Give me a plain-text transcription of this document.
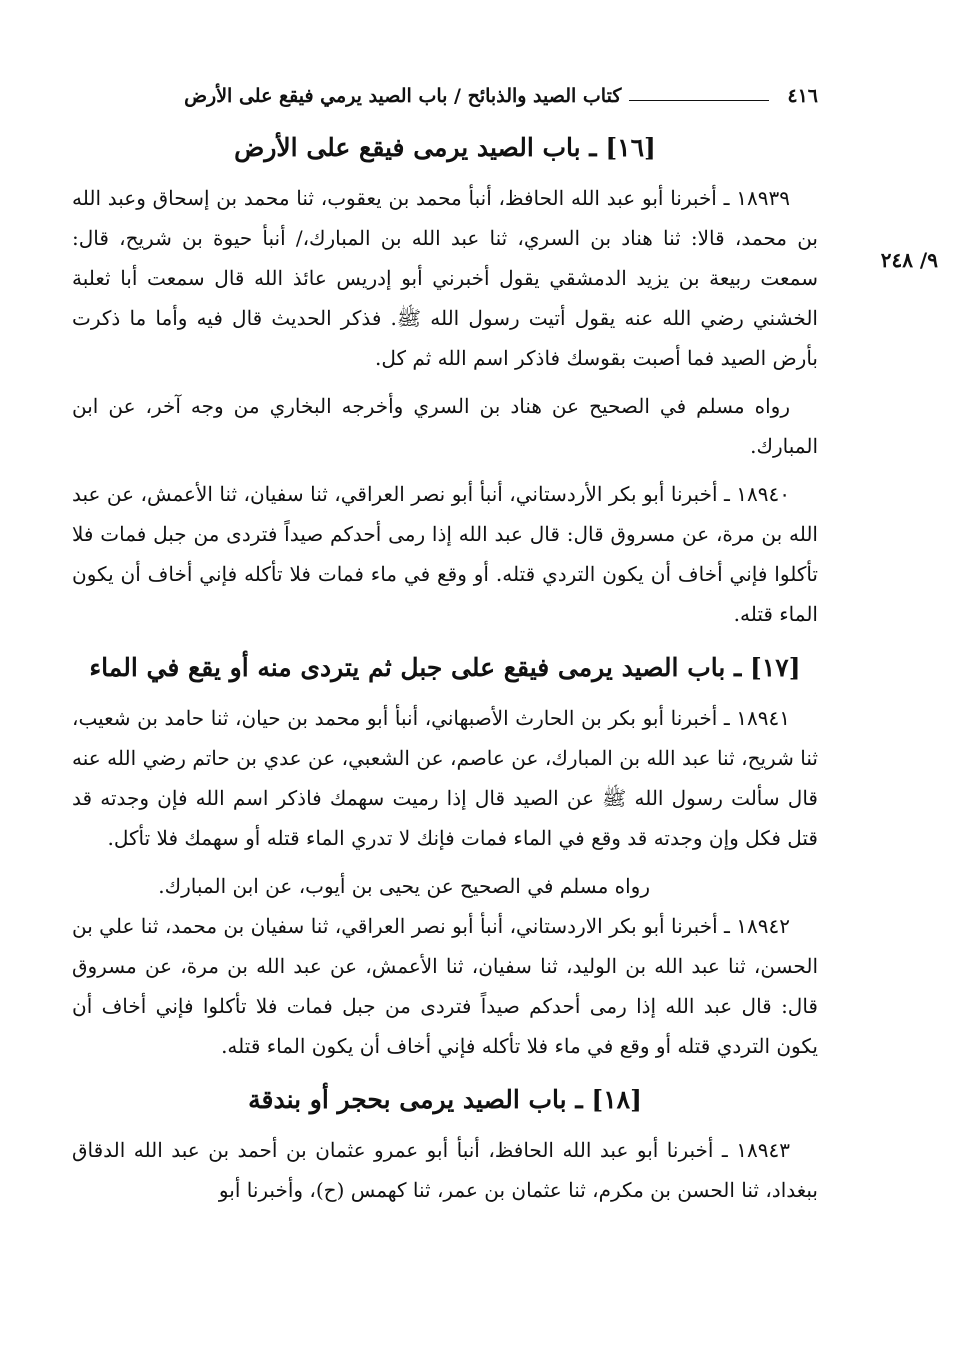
٩/ ٢٤٨
٤١٦
كتاب الصيد والذبائح / باب الصيد يرمي فيقع على الأرض
[١٦] ـ باب الصيد يرمى فيقع على الأرض

١٨٩٣٩ ـ أخبرنا أبو عبد الله الحافظ، أنبأ محمد بن يعقوب، ثنا محمد بن إسحاق وعبد الله بن محمد، قالا: ثنا هناد بن السري، ثنا عبد الله بن المبارك،/ أنبأ حيوة بن شريح، قال: سمعت ربيعة بن يزيد الدمشقي يقول أخبرني أبو إدريس عائذ الله قال سمعت أبا ثعلبة الخشني رضي الله عنه يقول أتيت رسول الله ﷺ. فذكر الحديث قال فيه وأما ما ذكرت بأرض الصيد فما أصبت بقوسك فاذكر اسم الله ثم كل.

رواه مسلم في الصحيح عن هناد بن السري وأخرجه البخاري من وجه آخر، عن ابن المبارك.

١٨٩٤٠ ـ أخبرنا أبو بكر الأردستاني، أنبأ أبو نصر العراقي، ثنا سفيان، ثنا الأعمش، عن عبد الله بن مرة، عن مسروق قال: قال عبد الله إذا رمى أحدكم صيداً فتردى من جبل فمات فلا تأكلوا فإني أخاف أن يكون التردي قتله. أو وقع في ماء فمات فلا تأكله فإني أخاف أن يكون الماء قتله.

[١٧] ـ باب الصيد يرمى فيقع على جبل ثم يتردى منه أو يقع في الماء

١٨٩٤١ ـ أخبرنا أبو بكر بن الحارث الأصبهاني، أنبأ أبو محمد بن حيان، ثنا حامد بن شعيب، ثنا شريح، ثنا عبد الله بن المبارك، عن عاصم، عن الشعبي، عن عدي بن حاتم رضي الله عنه قال سألت رسول الله ﷺ عن الصيد قال إذا رميت سهمك فاذكر اسم الله فإن وجدته قد قتل فكل وإن وجدته قد وقع في الماء فمات فإنك لا تدري الماء قتله أو سهمك فلا تأكل.

رواه مسلم في الصحيح عن يحيى بن أيوب، عن ابن المبارك.

١٨٩٤٢ ـ أخبرنا أبو بكر الاردستاني، أنبأ أبو نصر العراقي، ثنا سفيان بن محمد، ثنا علي بن الحسن، ثنا عبد الله بن الوليد، ثنا سفيان، ثنا الأعمش، عن عبد الله بن مرة، عن مسروق قال: قال عبد الله إذا رمى أحدكم صيداً فتردى من جبل فمات فلا تأكلوا فإني أخاف أن يكون التردي قتله أو وقع في ماء فلا تأكله فإني أخاف أن يكون الماء قتله.

[١٨] ـ باب الصيد يرمى بحجر أو بندقة

١٨٩٤٣ ـ أخبرنا أبو عبد الله الحافظ، أنبأ أبو عمرو عثمان بن أحمد بن عبد الله الدقاق ببغداد، ثنا الحسن بن مكرم، ثنا عثمان بن عمر، ثنا كهمس (ح)، وأخبرنا أبو
